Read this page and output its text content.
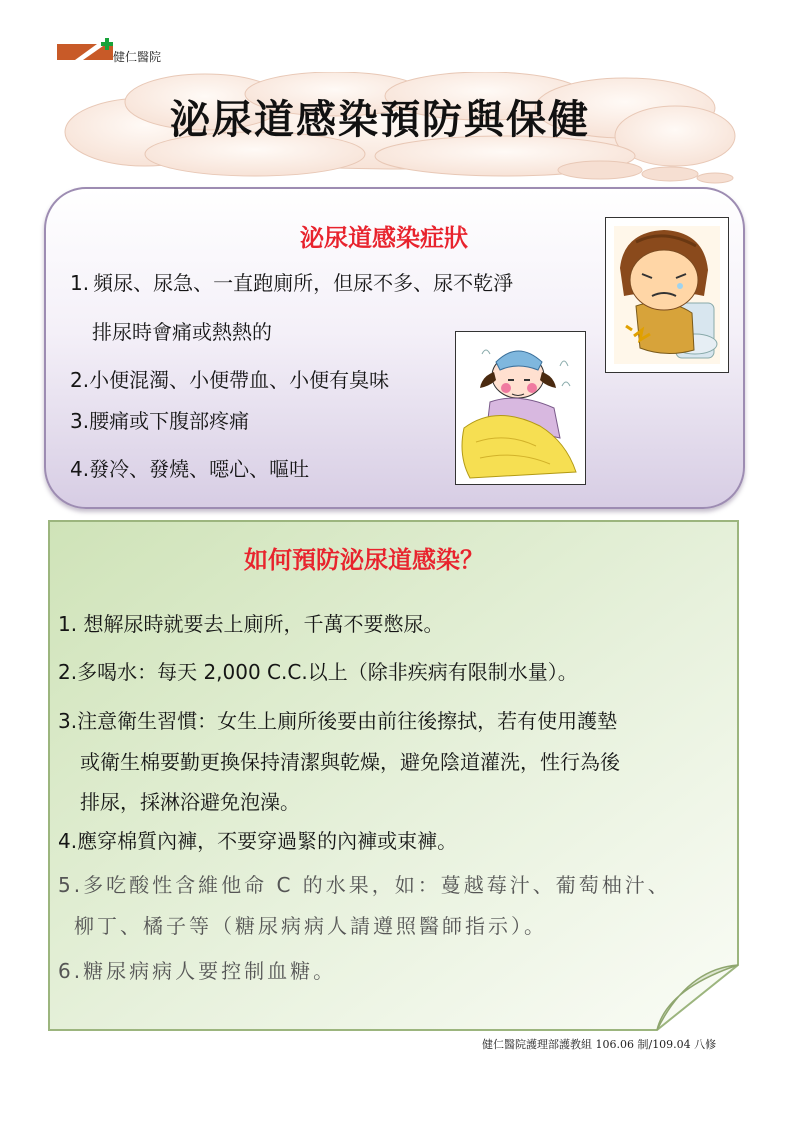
健仁醫院
泌尿道感染預防與保健
泌尿道感染症狀
1. 頻尿、尿急、一直跑廁所，但尿不多、尿不乾淨
排尿時會痛或熱熱的
2.小便混濁、小便帶血、小便有臭味
3.腰痛或下腹部疼痛
4.發冷、發燒、噁心、嘔吐
如何預防泌尿道感染？
1. 想解尿時就要去上廁所，千萬不要憋尿。
2.多喝水：每天 2,000 C.C.以上（除非疾病有限制水量）。
3.注意衛生習慣：女生上廁所後要由前往後擦拭，若有使用護墊
或衛生棉要勤更換保持清潔與乾燥，避免陰道灌洗，性行為後
排尿，採淋浴避免泡澡。
4.應穿棉質內褲，不要穿過緊的內褲或束褲。
5.多吃酸性含維他命 C 的水果，如：蔓越莓汁、葡萄柚汁、
柳丁、橘子等（糖尿病病人請遵照醫師指示）。
6.糖尿病病人要控制血糖。
健仁醫院護理部護教組 106.06 制/109.04 八修
